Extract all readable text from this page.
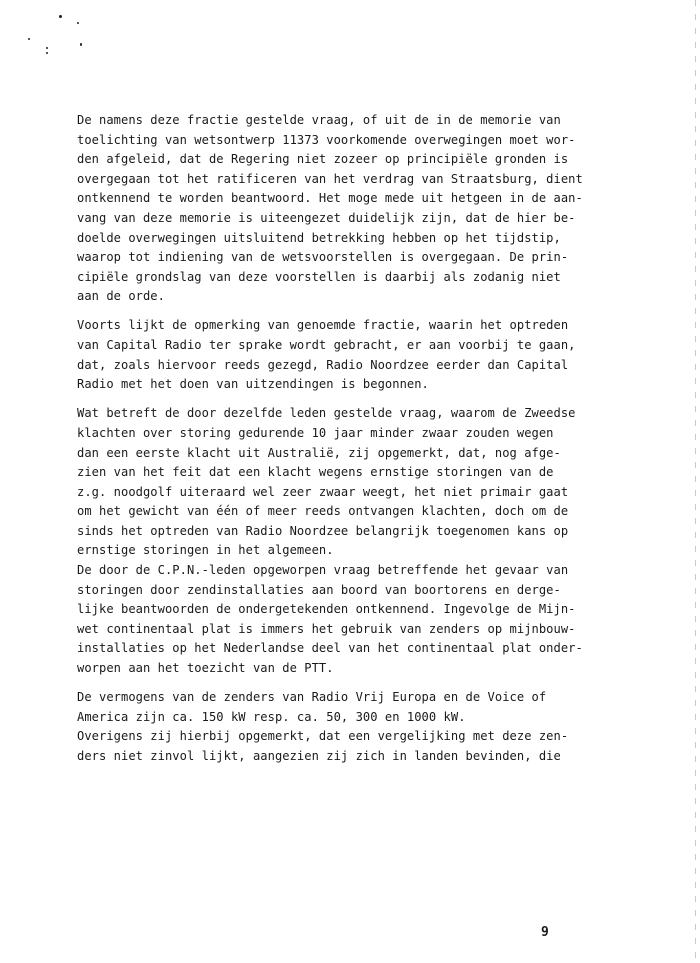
De namens deze fractie gestelde vraag, of uit de in de memorie van
toelichting van wetsontwerp 11373 voorkomende overwegingen moet wor-
den afgeleid, dat de Regering niet zozeer op principiële gronden is
overgegaan tot het ratificeren van het verdrag van Straatsburg, dient
ontkennend te worden beantwoord. Het moge mede uit hetgeen in de aan-
vang van deze memorie is uiteengezet duidelijk zijn, dat de hier be-
doelde overwegingen uitsluitend betrekking hebben op het tijdstip,
waarop tot indiening van de wetsvoorstellen is overgegaan. De prin-
cipiële grondslag van deze voorstellen is daarbij als zodanig niet
aan de orde.

Voorts lijkt de opmerking van genoemde fractie, waarin het optreden
van Capital Radio ter sprake wordt gebracht, er aan voorbij te gaan,
dat, zoals hiervoor reeds gezegd, Radio Noordzee eerder dan Capital
Radio met het doen van uitzendingen is begonnen.

Wat betreft de door dezelfde leden gestelde vraag, waarom de Zweedse
klachten over storing gedurende 10 jaar minder zwaar zouden wegen
dan een eerste klacht uit Australië, zij opgemerkt, dat, nog afge-
zien van het feit dat een klacht wegens ernstige storingen van de
z.g. noodgolf uiteraard wel zeer zwaar weegt, het niet primair gaat
om het gewicht van één of meer reeds ontvangen klachten, doch om de
sinds het optreden van Radio Noordzee belangrijk toegenomen kans op
ernstige storingen in het algemeen.

De door de C.P.N.-leden opgeworpen vraag betreffende het gevaar van
storingen door zendinstallaties aan boord van boortorens en derge-
lijke beantwoorden de ondergetekenden ontkennend. Ingevolge de Mijn-
wet continentaal plat is immers het gebruik van zenders op mijnbouw-
installaties op het Nederlandse deel van het continentaal plat onder-
worpen aan het toezicht van de PTT.

De vermogens van de zenders van Radio Vrij Europa en de Voice of
America zijn ca. 150 kW resp. ca. 50, 300 en 1000 kW.

Overigens zij hierbij opgemerkt, dat een vergelijking met deze zen-
ders niet zinvol lijkt, aangezien zij zich in landen bevinden, die

9
